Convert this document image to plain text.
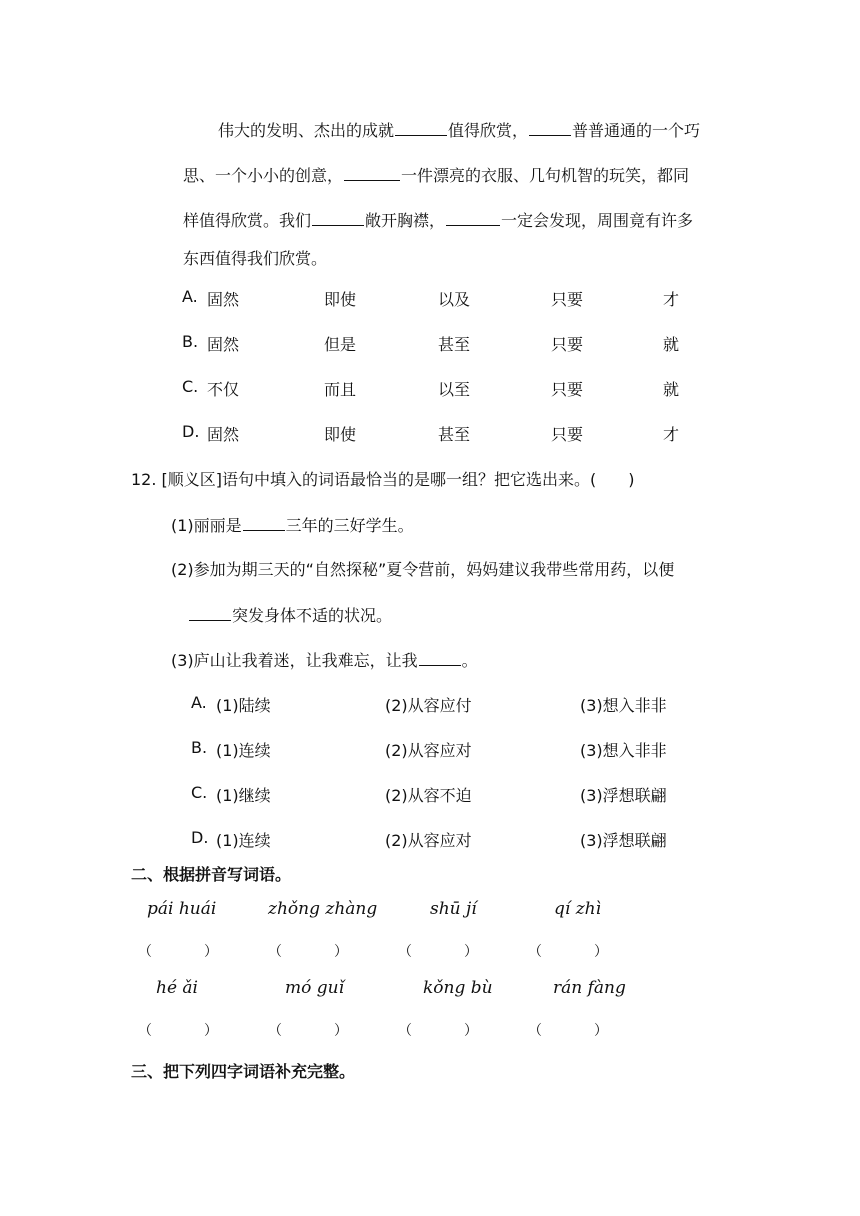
伟大的发明、杰出的成就	值得欣赏，	普普通通的一个巧
思、一个小小的创意，	一件漂亮的衣服、几句机智的玩笑，都同
样值得欣赏。我们	敞开胸襟，	一定会发现，周围竟有许多
东西值得我们欣赏。
A. 固然	即使	以及	只要	才
B. 固然	但是	甚至	只要	就
C. 不仅	而且	以至	只要	就
D. 固然	即使	甚至	只要	才
12. [顺义区]语句中填入的词语最恰当的是哪一组？把它选出来。(　　)
(1)丽丽是	三年的三好学生。
(2)参加为期三天的“自然探秘”夏令营前，妈妈建议我带些常用药，以便
突发身体不适的状况。
(3)庐山让我着迷，让我难忘，让我	。
A. (1)陆续	(2)从容应付	(3)想入非非
B. (1)连续	(2)从容应对	(3)想入非非
C. (1)继续	(2)从容不迫	(3)浮想联翩
D. (1)连续	(2)从容应对	(3)浮想联翩
二、根据拼音写词语。
pái huái	zhǒng zhàng	shū jí	qí zhì
（	）	（	）	（	）	（	）
hé ǎi	mó guǐ	kǒng bù	rán fàng
（	）	（	）	（	）	（	）
三、把下列四字词语补充完整。
